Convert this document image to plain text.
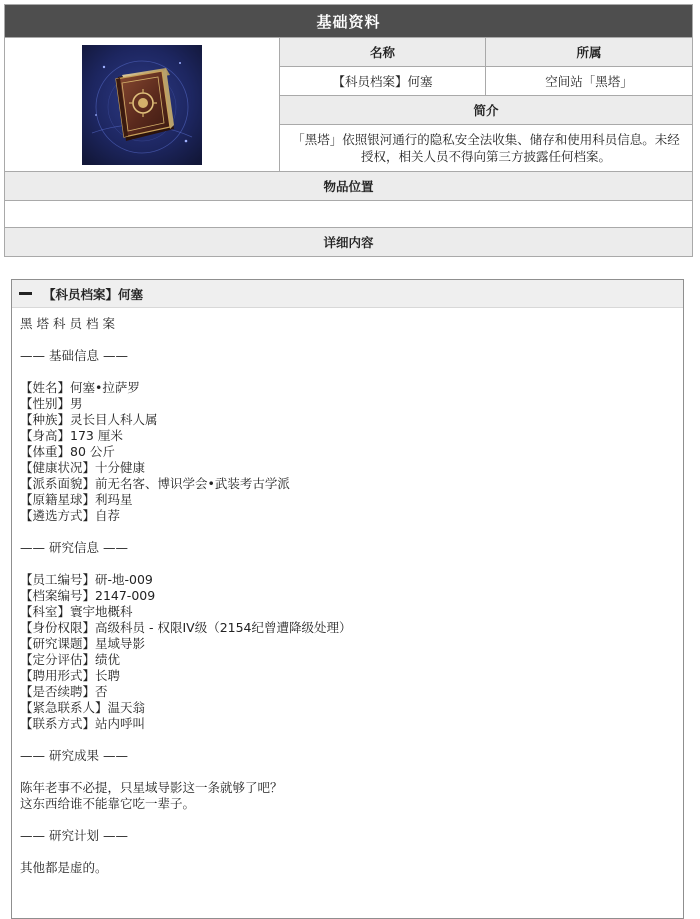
基础资料		
	名称	所属
	【科员档案】何塞	空间站「黑塔」
	简介	
	「黑塔」依照银河通行的隐私安全法收集、储存和使用科员信息。未经授权，相关人员不得向第三方披露任何档案。	
物品位置		

详细内容		
【科员档案】何塞
黑塔科员档案
—— 基础信息 ——
【姓名】何塞•拉萨罗
【性别】男
【种族】灵长目人科人属
【身高】173 厘米
【体重】80 公斤
【健康状况】十分健康
【派系面貌】前无名客、博识学会•武装考古学派
【原籍星球】利玛星
【遴选方式】自荐
—— 研究信息 ——
【员工编号】研-地-009
【档案编号】2147-009
【科室】寰宇地概科
【身份权限】高级科员 - 权限IV级（2154纪曾遭降级处理）
【研究课题】星域导影
【定分评估】绩优
【聘用形式】长聘
【是否续聘】否
【紧急联系人】温天翁
【联系方式】站内呼叫
—— 研究成果 ——
陈年老事不必提，只星域导影这一条就够了吧？
这东西给谁不能靠它吃一辈子。
—— 研究计划 ——
其他都是虚的。
